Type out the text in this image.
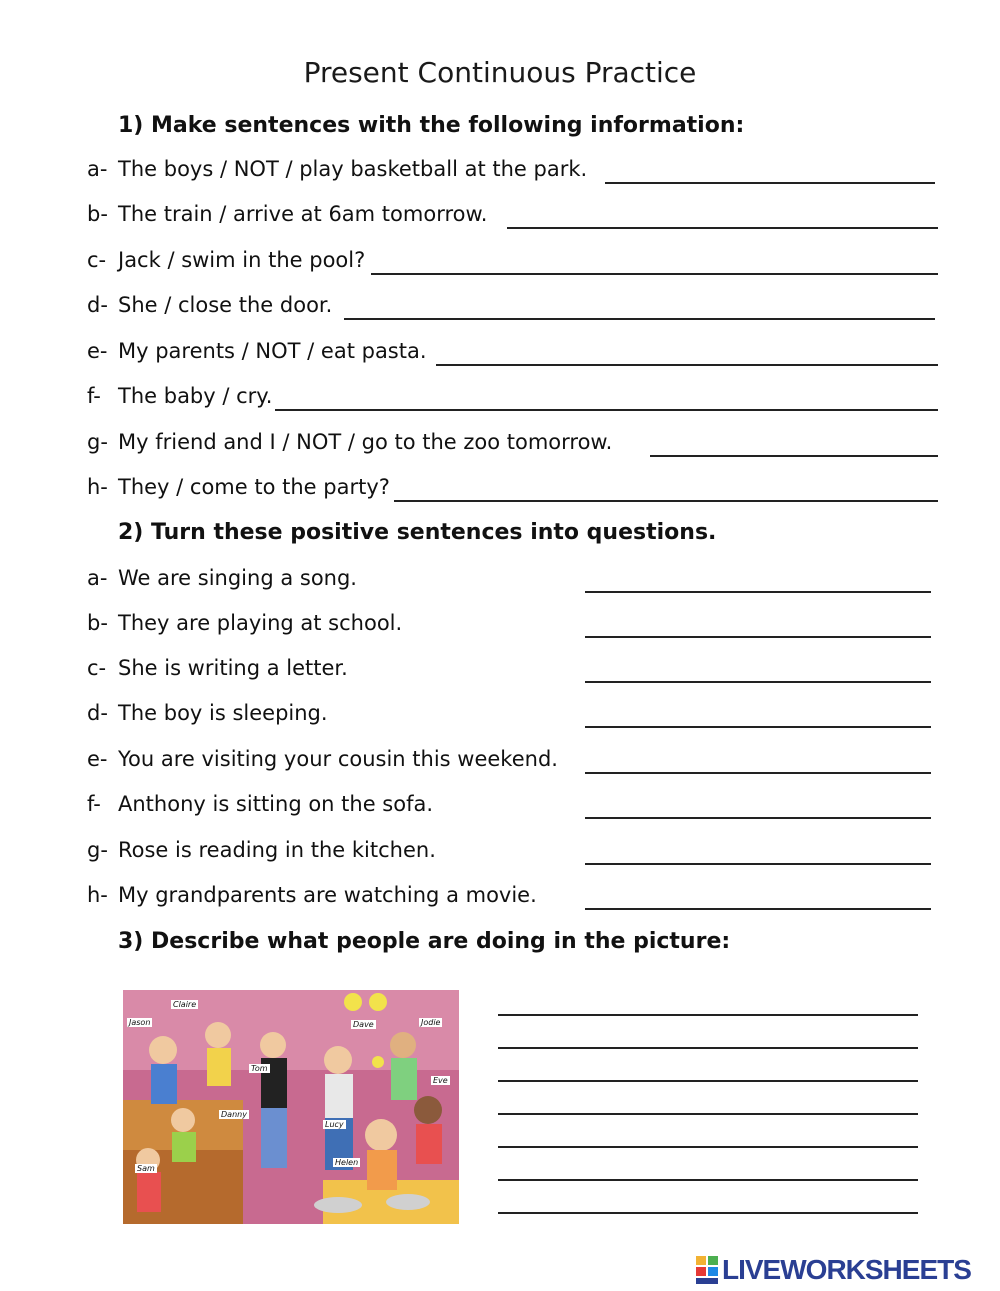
Present Continuous Practice
1) Make sentences with the following information:
a- The boys / NOT / play basketball at the park.
b- The train / arrive at 6am tomorrow.
c- Jack / swim in the pool?
d- She / close the door.
e- My parents / NOT / eat pasta.
f- The baby / cry.
g- My friend and I / NOT / go to the zoo tomorrow.
h- They / come to the party?
2) Turn these positive sentences into questions.
a- We are singing a song.
b- They are playing at school.
c- She is writing a letter.
d- The boy is sleeping.
e- You are visiting your cousin this weekend.
f- Anthony is sitting on the sofa.
g- Rose is reading in the kitchen.
h- My grandparents are watching a movie.
3) Describe what people are doing in the picture:
Claire
Jason
Tom
Dave	Jodie
Eve
Danny
Lucy
Helen
Sam
LIVEWORKSHEETS
